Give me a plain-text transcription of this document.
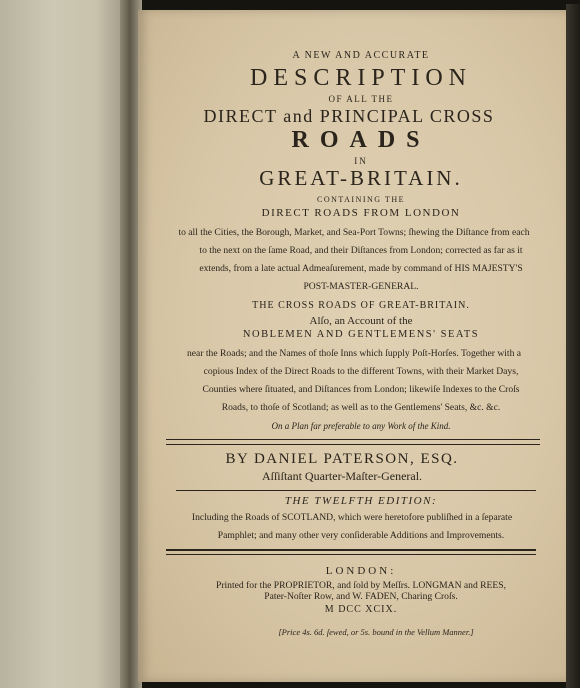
A NEW AND ACCURATE
DESCRIPTION
OF ALL THE
DIRECT and PRINCIPAL CROSS
ROADS
IN
GREAT-BRITAIN.
CONTAINING THE
DIRECT ROADS FROM LONDON
to all the Cities, the Borough, Market, and Sea-Port Towns; ſhewing the Diſtance from each to the next on the ſame Road, and their Diſtances from London; corrected as far as it extends, from a late actual Admeaſurement, made by command of HIS MAJESTY'S POST-MASTER-GENERAL.
THE CROSS ROADS OF GREAT-BRITAIN.
Alſo, an Account of the
NOBLEMEN AND GENTLEMENS' SEATS
near the Roads; and the Names of thoſe Inns which ſupply Poſt-Horſes. Together with a copious Index of the Direct Roads to the different Towns, with their Market Days, Counties where ſituated, and Diſtances from London; likewiſe Indexes to the Croſs Roads, to thoſe of Scotland; as well as to the Gentlemens' Seats, &c. &c.
On a Plan far preferable to any Work of the Kind.
BY DANIEL PATERSON, ESQ.
Aſſiſtant Quarter-Maſter-General.
THE TWELFTH EDITION:
Including the Roads of SCOTLAND, which were heretofore publiſhed in a ſeparate Pamphlet; and many other very conſiderable Additions and Improvements.
LONDON:
Printed for the PROPRIETOR, and ſold by Meſſrs. LONGMAN and REES,
Pater-Noſter Row, and W. FADEN, Charing Croſs.
M DCC XCIX.
[Price 4s. 6d. ſewed, or 5s. bound in the Vellum Manner.]
